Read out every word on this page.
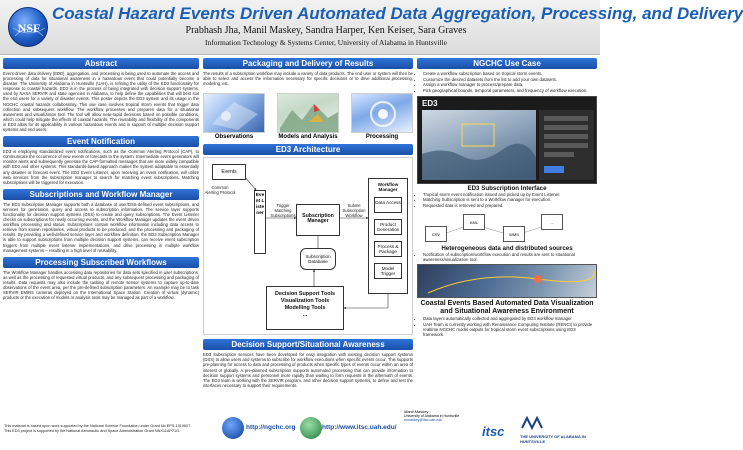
NSF
Coastal Hazard Events Driven Automated Data Aggregation, Processing, and Delivery
Prabhash Jha, Manil Maskey, Sandra Harper, Ken Keiser, Sara Graves
Information Technology & Systems Center, University of Alabama in Huntsville
Abstract
Event-driven data delivery (EDD), aggregation, and processing is being used to automate the access and processing of data for situational awareness in a hazardous event that could potentially become a disaster. The University of Alabama in Huntsville (UAH), is refining the utility of the ED3 functionality for response to coastal hazards. ED3 is in the process of being integrated with decision support systems, used by NASA SERVIR and state agencies in Alabama, to help define the capabilities that will best suit the end users for a variety of disaster events. This poster depicts the ED3 system and its usage in the NGCHC coastal hazards collaboratory. This use case involves tropical storm events that trigger data collection and subsequent workflow. The workflow processes and prepares data for a situational awareness and visualization tool. The tool will allow near-rapid decisions based on possible conditions, which could help mitigate the effects of coastal hazards. The reusability and flexibility of the components in ED3 allow for its applicability in various hazardous events and in support of multiple decision support systems and end users.
Event Notification
ED3 is employing standardized event notifications, such as the Common Alerting Protocol (CAP), to communicate the occurrence of new events or forecasts to the system. Intermediate event generators will monitor alerts and subsequently generate the CAP-formatted messages that are more widely compatible with ED3 and other systems. This standards-based approach makes the system adaptable to essentially any disaster or forecast event. The ED3 Event Listener, upon receiving an event notification, will utilize web services from the subscription manager to search for matching event subscriptions. Matching subscriptions will be triggered for execution.
Subscriptions and Workflow Manager
The ED3 Subscription Manager supports both a database of user/DSS-defined event subscriptions, and services for generation, query and access to subscription information. The service layer supports functionality for decision support systems (DSS) to create and query subscriptions. The Event Listener checks on subscriptions for newly occurring events, and the Workflow Manager updates the event driven workflow processing and status. Subscriptions contain workflow information including data access to retrieve from known repositories, virtual products to be produced, and the processing and packaging of results. By providing a well-defined service layer and workflow definition, the ED3 Subscription Manager is able to support subscriptions from multiple decision support systems, can receive event subscription triggers from multiple event listener implementations, and drive processing in multiple workflow management systems -- resulting in a high level of reusability.
Processing Subscribed Workflows
The Workflow Manager handles accessing data repositories for data sets specified in user subscriptions, as well as the processing of requested virtual products, and any subsequent processing and packaging of results. Data requests may also include the tasking of remote sensor systems to capture up-to-date observations of the event area, per the pre-defined subscription parameters. An example may be to task SERVIR EMIRS cameras deployed on the International Space Station. Creation of virtual (dynamic) products or the execution of models or analysis tools may be managed as part of a workflow.
Packaging and Delivery of Results
The results of a subscription workflow may include a variety of data products. The end user or system will then be able to select and access the information necessary for specific decisions or to drive additional processing, modeling, etc.
Observations	Models and Analysis	Processing
ED3 Architecture
Events
Common Alerting Protocol
Event Listener
Trigger Matching Subscriptions	Subscription Manager
Subscription Database
Submit Subscription Workflow
Workflow Manager
Data Access
Product Generation
Process & Package
Model Trigger
Decision Support Tools
Visualization Tools
Modelling Tools
...
Decision Support/Situational Awareness
ED3 Subscription services have been developed for easy integration with existing decision support systems (DSS) to allow users and systems to subscribe for workflow executions when specific events occur. This supports pre-planning for access to data and processing of products when specific types of events occur within an area of interest or globally. A pre-planned subscription supports automated processing that can provide information to decision support systems and personnel more rapidly than waiting to form requests in the aftermath of events. The ED3 team is working with the SERVIR program, and other decision support systems, to define and test the interfaces necessary to support their requirements.
NGCHC Use Case
• Create a workflow subscription based on tropical storm events.
• Customize the desired datasets from the list to add your own datasets.
• Assign a workflow manager to process/prepare data.
• Pick geographical bounds, temporal parameters, and frequency of workflow execution.
ED3
ED3 Subscription Interface
• Tropical storm event notification issued and picked up by Event Listener.
• Matching Subscription is sent to a Workflow manager for execution.
• Requested data is retrieved and prepared.
CSV
KML
WMS
...
Heterogeneous data and distributed sources
• Notification of subscription/workflow execution and results are sent to situational awareness/visualization tool.
Coastal Events Based Automated Data Visualization and Situational Awareness Environment
• Data layers automatically collected and aggregated by ED3 workflow manager
• UAH Team is currently working with Renaissance Computing Institute (RENCI) to provide realtime NGCHC model outputs for tropical storm event subscriptions using ED3 framework.
This material is based upon work supported by the National Science Foundation under Grant No EPS-1010607.
This ED3 project is supported by the National Aeronautic and Space Administration Grant NNX11AP71G.	http://ngchc.org	http://www.itsc.uah.edu/
Manil Maskey
University of Alabama in Huntsville
mmaskey@itsc.uah.edu
itsc	THE UNIVERSITY OF ALABAMA IN HUNTSVILLE
